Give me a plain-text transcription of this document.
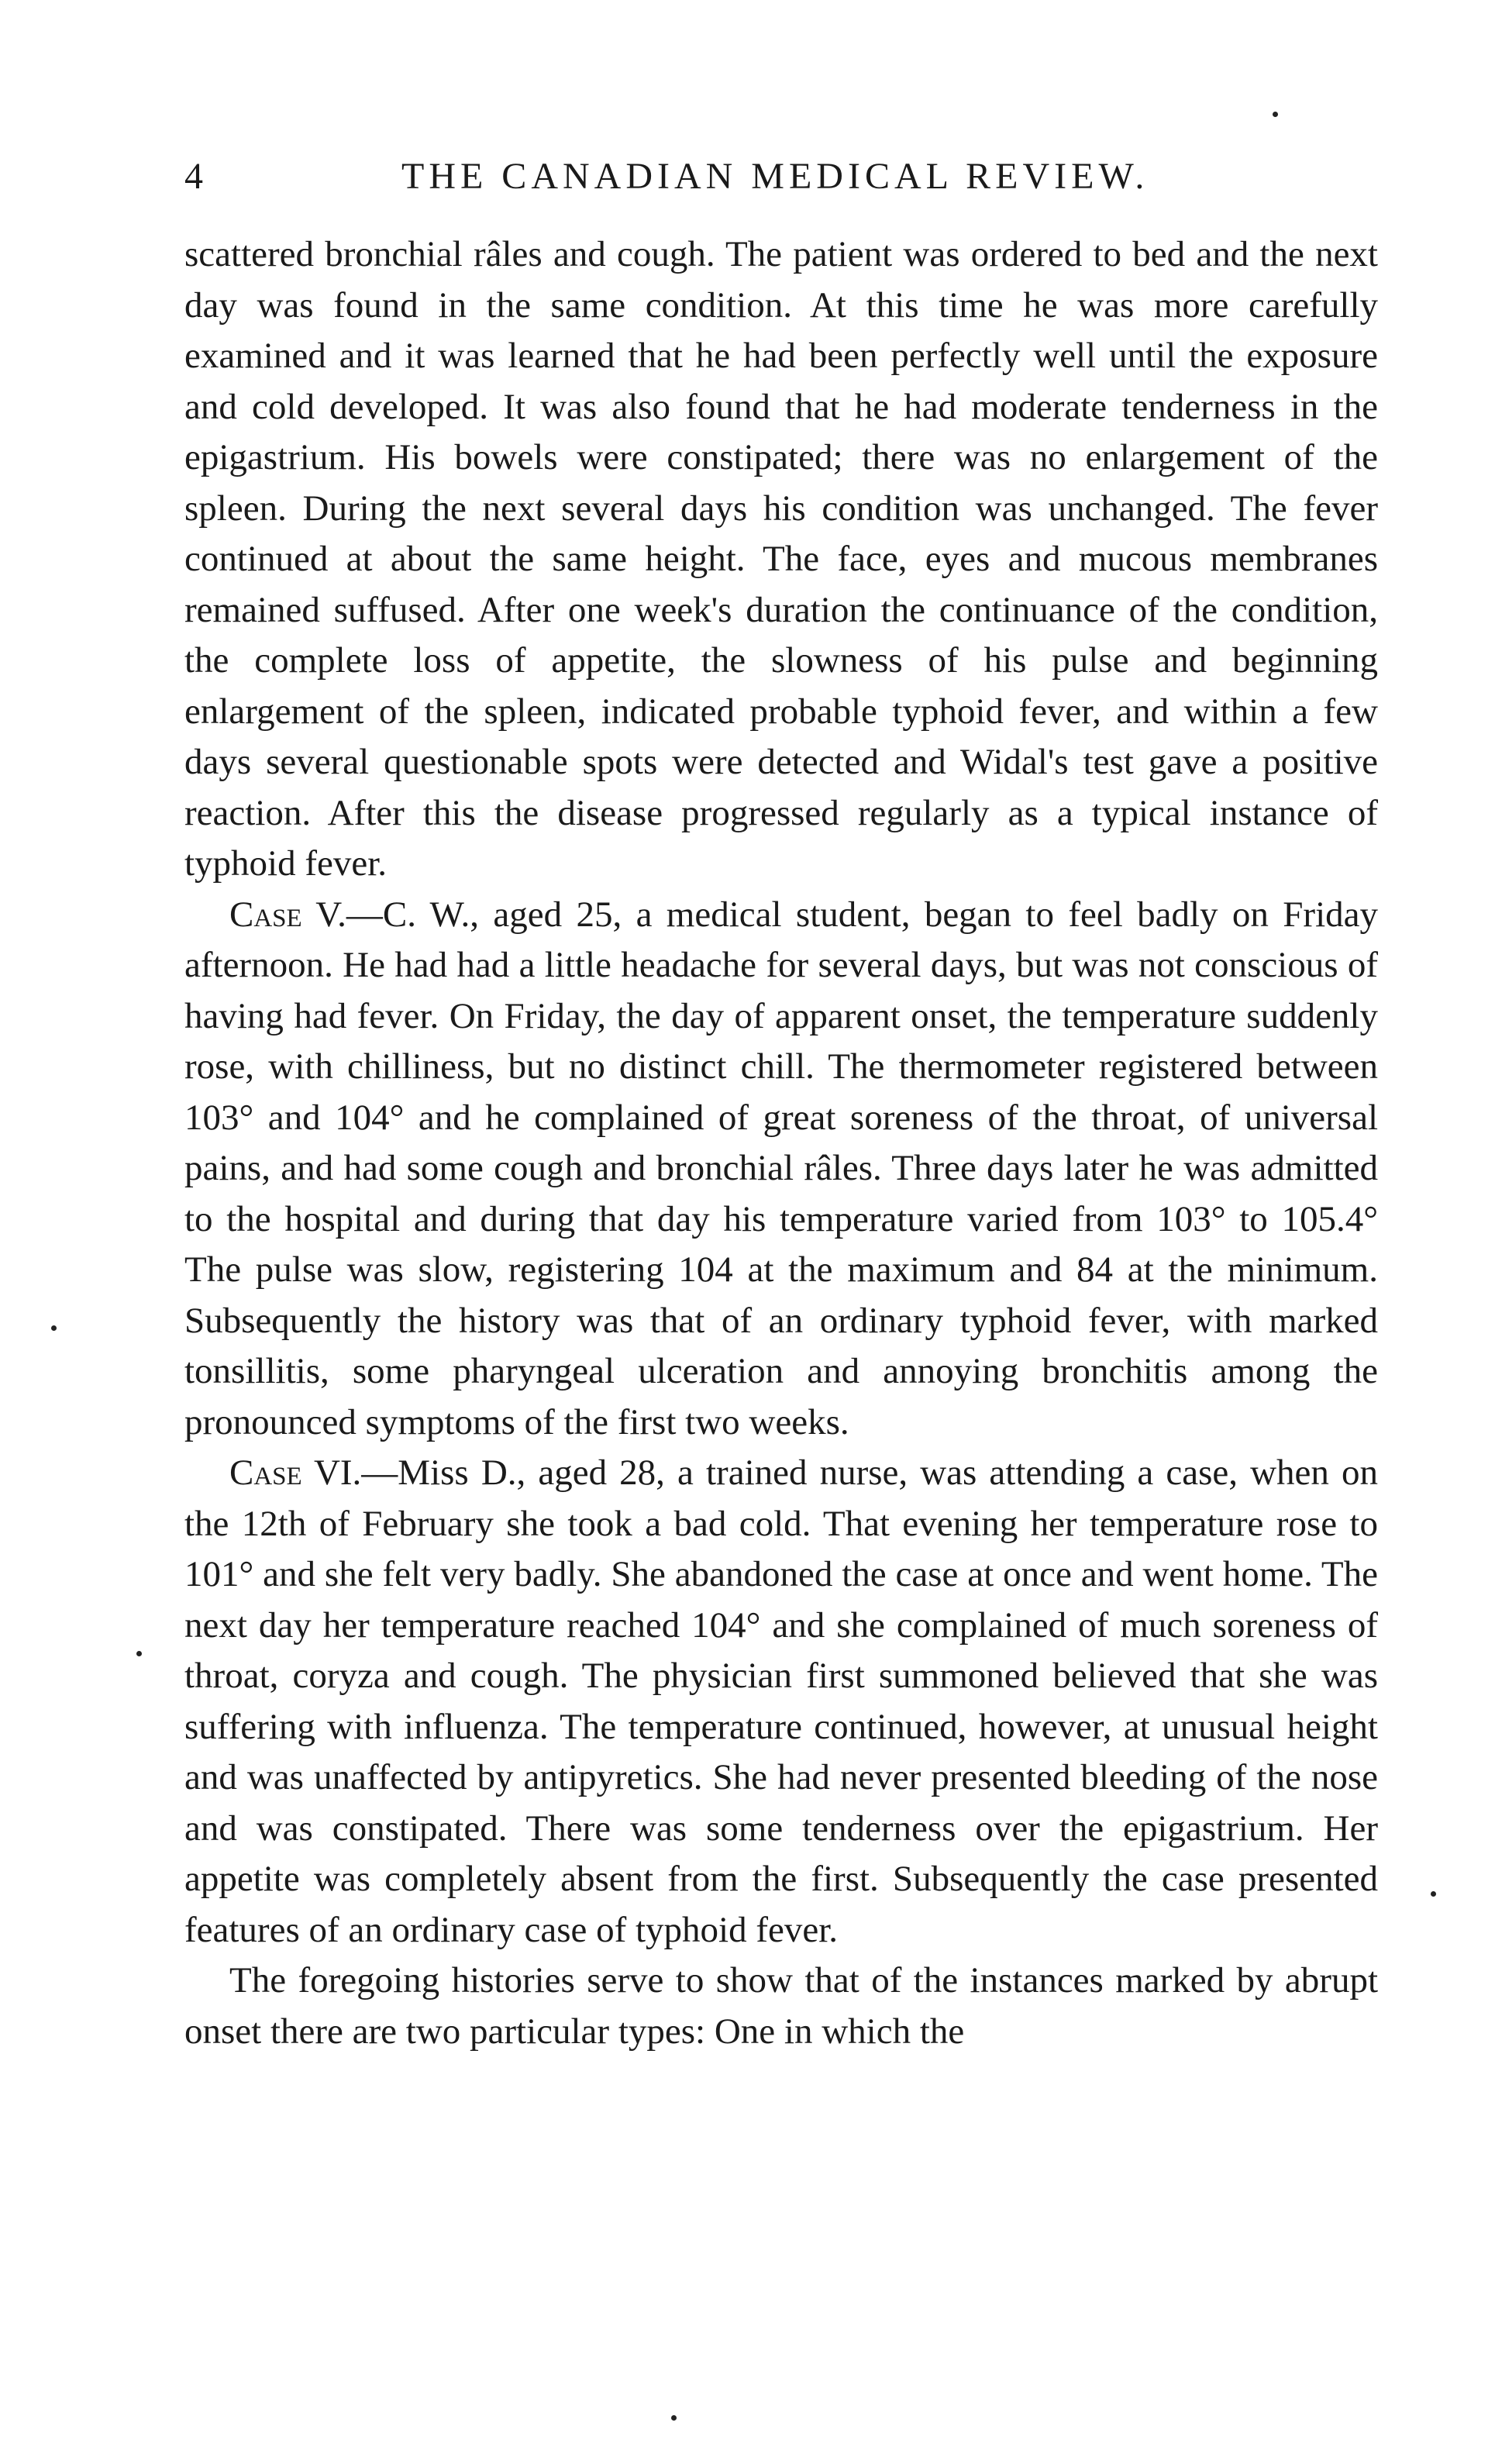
4	THE CANADIAN MEDICAL REVIEW.

scattered bronchial râles and cough. The patient was ordered to bed and the next day was found in the same condition. At this time he was more carefully examined and it was learned that he had been perfectly well until the exposure and cold developed. It was also found that he had moderate tenderness in the epigastrium. His bowels were constipated; there was no enlargement of the spleen. During the next several days his condition was unchanged. The fever continued at about the same height. The face, eyes and mucous membranes remained suffused. After one week's duration the continuance of the condition, the complete loss of appetite, the slowness of his pulse and beginning enlargement of the spleen, indicated probable typhoid fever, and within a few days several questionable spots were detected and Widal's test gave a positive reaction. After this the disease progressed regularly as a typical instance of typhoid fever.

Case V.—C. W., aged 25, a medical student, began to feel badly on Friday afternoon. He had had a little headache for several days, but was not conscious of having had fever. On Friday, the day of apparent onset, the temperature suddenly rose, with chilliness, but no distinct chill. The thermometer registered between 103° and 104° and he complained of great soreness of the throat, of universal pains, and had some cough and bronchial râles. Three days later he was admitted to the hospital and during that day his temperature varied from 103° to 105.4° The pulse was slow, registering 104 at the maximum and 84 at the minimum. Subsequently the history was that of an ordinary typhoid fever, with marked tonsillitis, some pharyngeal ulceration and annoying bronchitis among the pronounced symptoms of the first two weeks.

Case VI.—Miss D., aged 28, a trained nurse, was attending a case, when on the 12th of February she took a bad cold. That evening her temperature rose to 101° and she felt very badly. She abandoned the case at once and went home. The next day her temperature reached 104° and she complained of much soreness of throat, coryza and cough. The physician first summoned believed that she was suffering with influenza. The temperature continued, however, at unusual height and was unaffected by antipyretics. She had never presented bleeding of the nose and was constipated. There was some tenderness over the epigastrium. Her appetite was completely absent from the first. Subsequently the case presented features of an ordinary case of typhoid fever.

The foregoing histories serve to show that of the instances marked by abrupt onset there are two particular types: One in which the
